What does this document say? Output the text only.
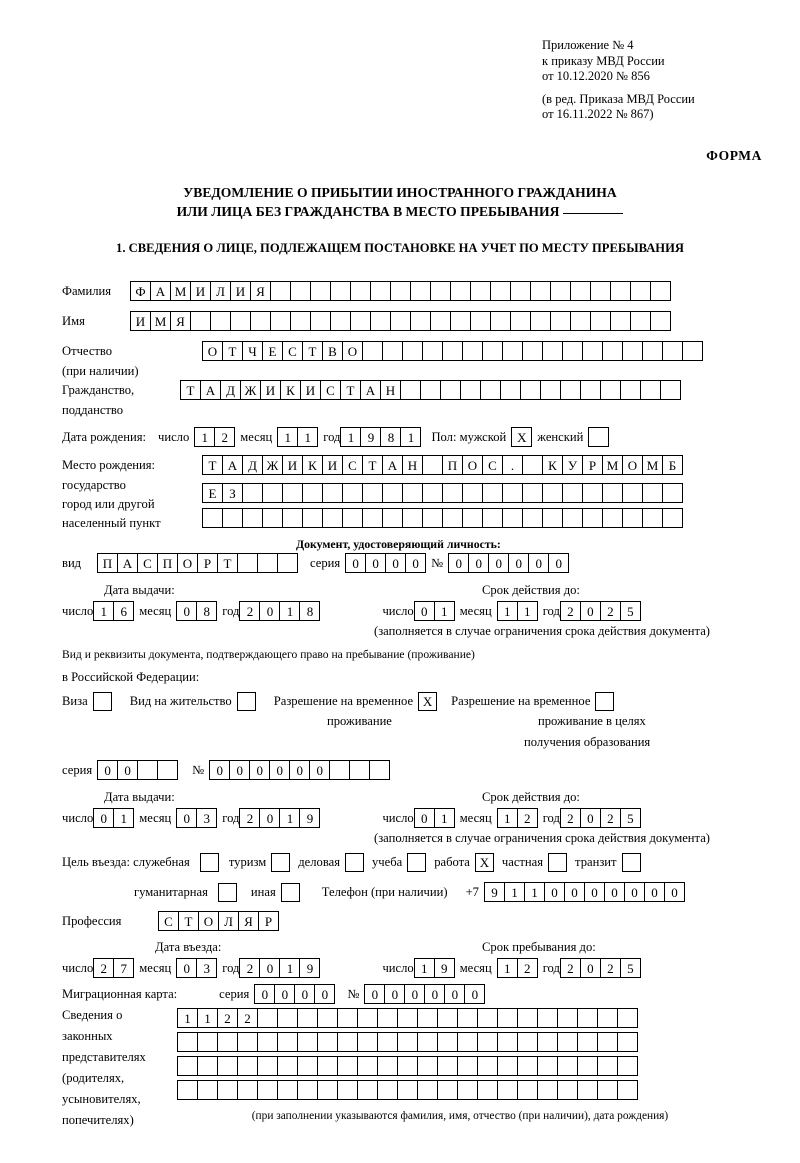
Приложение № 4
к приказу МВД России
от 10.12.2020 № 856
(в ред. Приказа МВД России
от 16.11.2022 № 867)
ФОРМА
УВЕДОМЛЕНИЕ О ПРИБЫТИИ ИНОСТРАННОГО ГРАЖДАНИНА
ИЛИ ЛИЦА БЕЗ ГРАЖДАНСТВА В МЕСТО ПРЕБЫВАНИЯ
1. СВЕДЕНИЯ О ЛИЦЕ, ПОДЛЕЖАЩЕМ ПОСТАНОВКЕ НА УЧЕТ ПО МЕСТУ ПРЕБЫВАНИЯ
Фамилия	Ф А М И Л И Я
Имя	И М Я
Отчество	О Т Ч Е С Т В О
(при наличии)
Гражданство,	Т А Д Ж И К И С Т А Н
подданство
Дата рождения: число 1	2 месяц 1	1 год 1	9	8	1	Пол: мужской X женский
Место рождения:	Т А Д Ж И К И С Т А Н	П О С	.	К У Р М О М Б
государство
Е З
город или другой
населенный пункт
Документ, удостоверяющий личность:
вид	П А С П О Р Т	серия 0	0	0	0 № 0	0	0	0	0	0
Дата выдачи:	Срок действия до:
число 1	6 месяц 0	8 год 2	0	1	8	число 0	1 месяц 1	1 год 2	0	2	5
(заполняется в случае ограничения срока действия документа)
Вид и реквизиты документа, подтверждающего право на пребывание (проживание)
в Российской Федерации:
Виза	Вид на жительство	Разрешение на временное X	Разрешение на временное
проживание	проживание в целях
получения образования
серия 0	0	№ 0	0	0	0	0	0
Дата выдачи:	Срок действия до:
число 0	1 месяц 0	3 год 2	0	1	9	число 0	1 месяц 1	2 год 2	0	2	5
(заполняется в случае ограничения срока действия документа)
Цель въезда: служебная	туризм	деловая	учеба	работа X	частная	транзит
гуманитарная	иная	Телефон (при наличии) +7 9	1	1	0	0	0	0	0	0	0
Профессия	С Т О Л Я Р
Дата въезда:	Срок пребывания до:
число 2	7 месяц 0	3 год 2	0	1	9	число 1	9 месяц 1	2 год 2	0	2	5
Миграционная карта:	серия 0	0	0	0	№ 0	0	0	0	0	0
Сведения о
законных
представителях
(родителях,
усыновителях,
попечителях)
1	1	2	2
(при заполнении указываются фамилия, имя, отчество (при наличии), дата рождения)
